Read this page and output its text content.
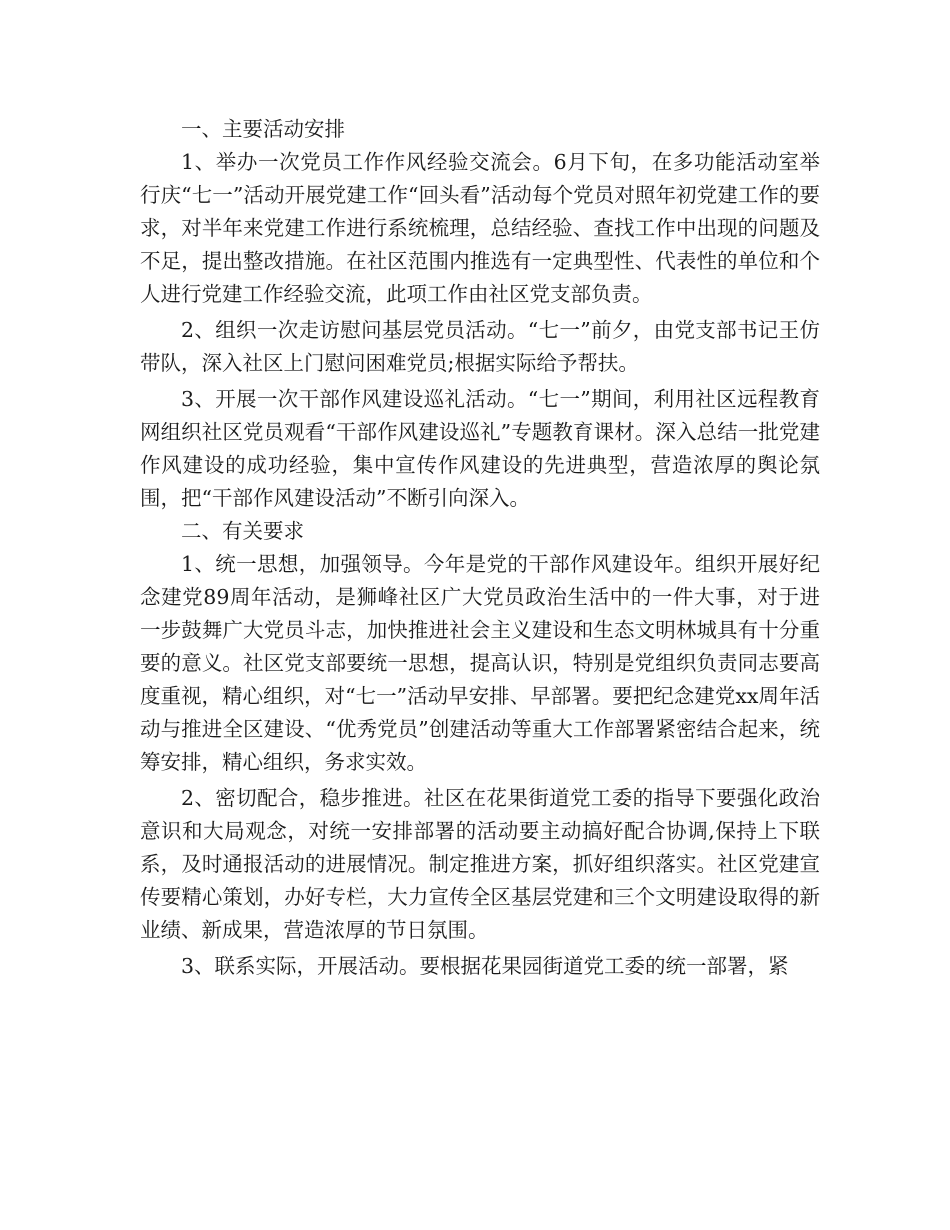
一、主要活动安排

1、举办一次党员工作作风经验交流会。6月下旬，在多功能活动室举行庆“七一”活动开展党建工作“回头看”活动每个党员对照年初党建工作的要求，对半年来党建工作进行系统梳理，总结经验、查找工作中出现的问题及不足，提出整改措施。在社区范围内推选有一定典型性、代表性的单位和个人进行党建工作经验交流，此项工作由社区党支部负责。

2、组织一次走访慰问基层党员活动。“七一”前夕，由党支部书记王仿带队，深入社区上门慰问困难党员;根据实际给予帮扶。

3、开展一次干部作风建设巡礼活动。“七一”期间，利用社区远程教育网组织社区党员观看“干部作风建设巡礼”专题教育课材。深入总结一批党建作风建设的成功经验，集中宣传作风建设的先进典型，营造浓厚的舆论氛围，把“干部作风建设活动”不断引向深入。

二、有关要求

1、统一思想，加强领导。今年是党的干部作风建设年。组织开展好纪念建党89周年活动，是狮峰社区广大党员政治生活中的一件大事，对于进一步鼓舞广大党员斗志，加快推进社会主义建设和生态文明林城具有十分重要的意义。社区党支部要统一思想，提高认识，特别是党组织负责同志要高度重视，精心组织，对“七一”活动早安排、早部署。要把纪念建党xx周年活动与推进全区建设、“优秀党员”创建活动等重大工作部署紧密结合起来，统筹安排，精心组织，务求实效。

2、密切配合，稳步推进。社区在花果街道党工委的指导下要强化政治意识和大局观念，对统一安排部署的活动要主动搞好配合协调,保持上下联系，及时通报活动的进展情况。制定推进方案，抓好组织落实。社区党建宣传要精心策划，办好专栏，大力宣传全区基层党建和三个文明建设取得的新业绩、新成果，营造浓厚的节日氛围。

3、联系实际，开展活动。要根据花果园街道党工委的统一部署，紧
